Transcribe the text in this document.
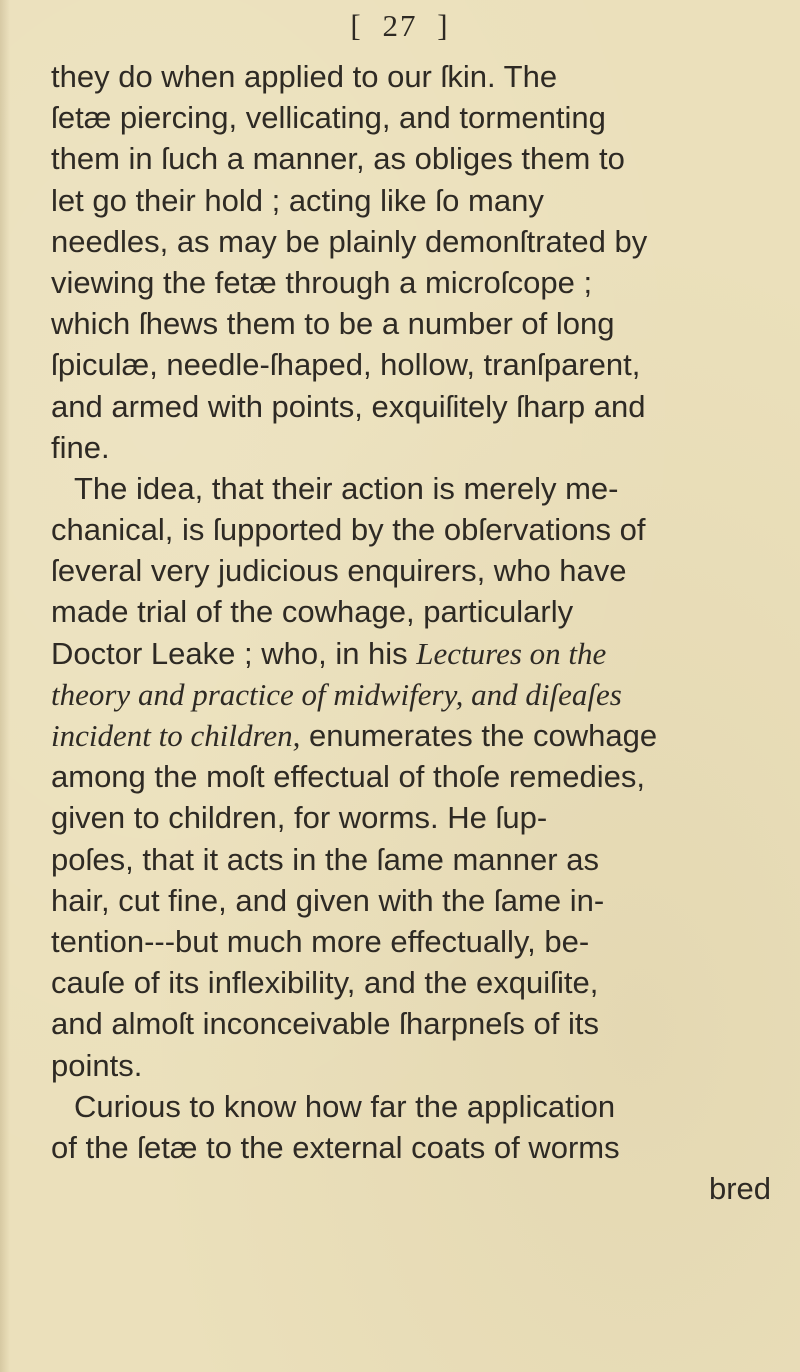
[ 27 ]
they do when applied to our ſkin. The
ſetæ piercing, vellicating, and tormenting
them in ſuch a manner, as obliges them to
let go their hold ; acting like ſo many
needles, as may be plainly demonſtrated by
viewing the fetæ through a microſcope ;
which ſhews them to be a number of long
ſpiculæ, needle-ſhaped, hollow, tranſparent,
and armed with points, exquiſitely ſharp and
fine.
The idea, that their action is merely me-
chanical, is ſupported by the obſervations of
ſeveral very judicious enquirers, who have
made trial of the cowhage, particularly
Doctor Leake ; who, in his Lectures on the
theory and practice of midwifery, and diſeaſes
incident to children, enumerates the cowhage
among the moſt effectual of thoſe remedies,
given to children, for worms. He ſup-
poſes, that it acts in the ſame manner as
hair, cut fine, and given with the ſame in-
tention---but much more effectually, be-
cauſe of its inflexibility, and the exquiſite,
and almoſt inconceivable ſharpneſs of its
points.
Curious to know how far the application
of the ſetæ to the external coats of worms
bred
